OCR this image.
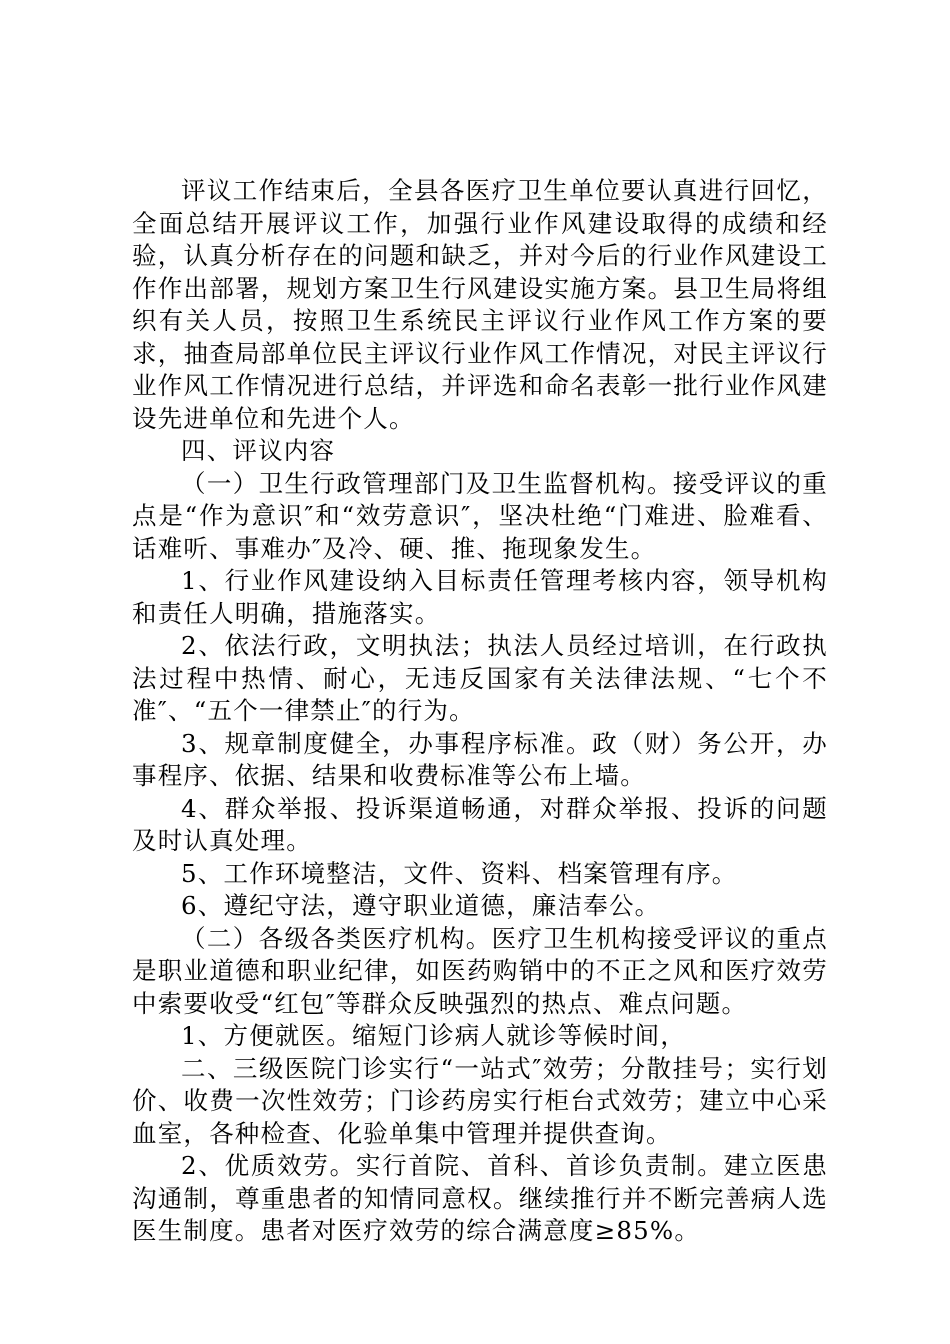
评议工作结束后，全县各医疗卫生单位要认真进行回忆，全面总结开展评议工作，加强行业作风建设取得的成绩和经验，认真分析存在的问题和缺乏，并对今后的行业作风建设工作作出部署，规划方案卫生行风建设实施方案。县卫生局将组织有关人员，按照卫生系统民主评议行业作风工作方案的要求，抽查局部单位民主评议行业作风工作情况，对民主评议行业作风工作情况进行总结，并评选和命名表彰一批行业作风建设先进单位和先进个人。

四、评议内容

（一）卫生行政管理部门及卫生监督机构。接受评议的重点是“作为意识″和“效劳意识″，坚决杜绝“门难进、脸难看、话难听、事难办″及冷、硬、推、拖现象发生。

1、行业作风建设纳入目标责任管理考核内容，领导机构和责任人明确，措施落实。

2、依法行政，文明执法；执法人员经过培训，在行政执法过程中热情、耐心，无违反国家有关法律法规、“七个不准″、“五个一律禁止″的行为。

3、规章制度健全，办事程序标准。政（财）务公开，办事程序、依据、结果和收费标准等公布上墙。

4、群众举报、投诉渠道畅通，对群众举报、投诉的问题及时认真处理。

5、工作环境整洁，文件、资料、档案管理有序。

6、遵纪守法，遵守职业道德，廉洁奉公。

（二）各级各类医疗机构。医疗卫生机构接受评议的重点是职业道德和职业纪律，如医药购销中的不正之风和医疗效劳中索要收受“红包″等群众反映强烈的热点、难点问题。

1、方便就医。缩短门诊病人就诊等候时间，

二、三级医院门诊实行“一站式″效劳；分散挂号；实行划价、收费一次性效劳；门诊药房实行柜台式效劳；建立中心采血室，各种检查、化验单集中管理并提供查询。

2、优质效劳。实行首院、首科、首诊负责制。建立医患沟通制，尊重患者的知情同意权。继续推行并不断完善病人选医生制度。患者对医疗效劳的综合满意度≥85%。
